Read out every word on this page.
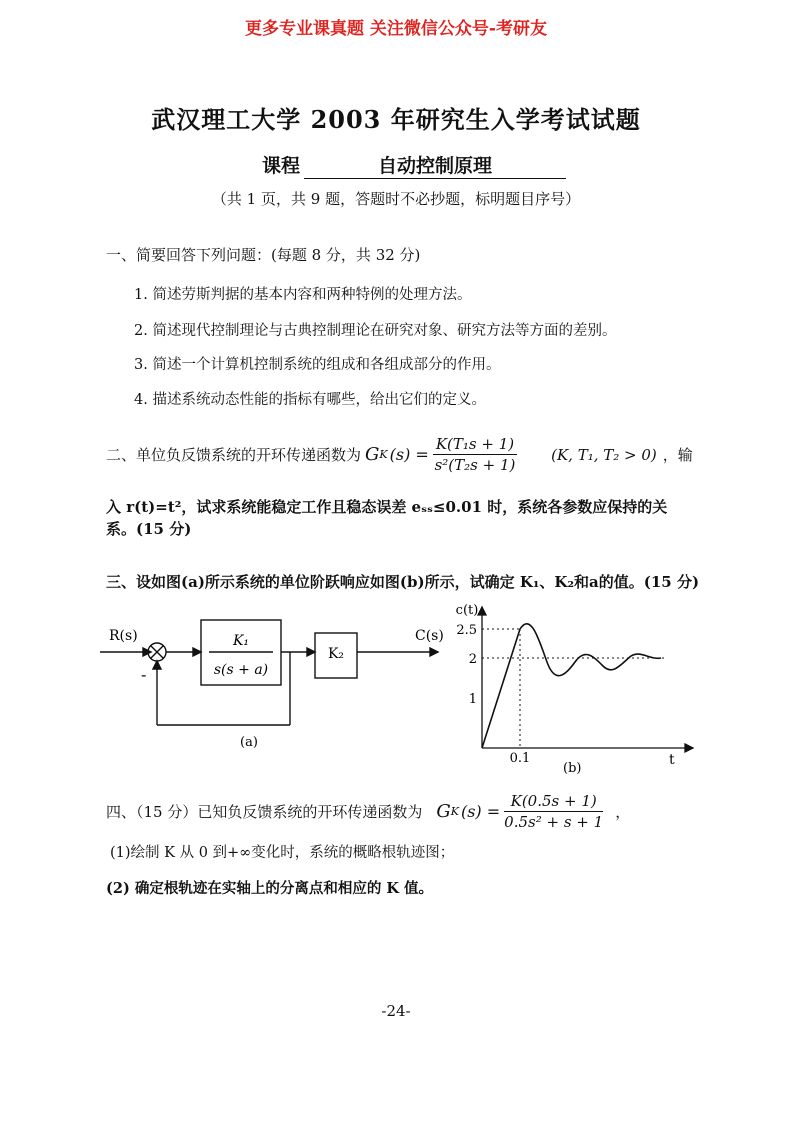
更多专业课真题 关注微信公众号-考研友
武汉理工大学 2003 年研究生入学考试试题
课程	自动控制原理
（共 1 页，共 9 题，答题时不必抄题，标明题目序号）
一、简要回答下列问题：(每题 8 分，共 32 分)
1. 简述劳斯判据的基本内容和两种特例的处理方法。
2. 简述现代控制理论与古典控制理论在研究对象、研究方法等方面的差别。
3. 简述一个计算机控制系统的组成和各组成部分的作用。
4. 描述系统动态性能的指标有哪些，给出它们的定义。
二、单位负反馈系统的开环传递函数为 G K $(s) = \frac{\text{K(T₁s + 1)}}{\text{s²(T₂s + 1)}} (K$, T₁, T₂ > 0) ，输
入 r(t)=t²，试求系统能稳定工作且稳态误差 eₛₛ≤0.01 时，系统各参数应保持的关
系。(15 分)
三、设如图(a)所示系统的单位阶跃响应如图(b)所示，试确定 K₁、K₂和a的值。(15 分)
R(s)	C(s)
-
K₁
s(s + a)
K₂
(a)
c(t)
t
2.5
2
1
0.1
(b)
四、（15 分）已知负反馈系统的开环传递函数为 G K $(s) = \frac{K(0.5s + 1)}{\text{0.5s² + s + 1}}$ ，
(1)绘制 K 从 0 到+∞变化时，系统的概略根轨迹图；
(2) 确定根轨迹在实轴上的分离点和相应的 K 值。
-24-
